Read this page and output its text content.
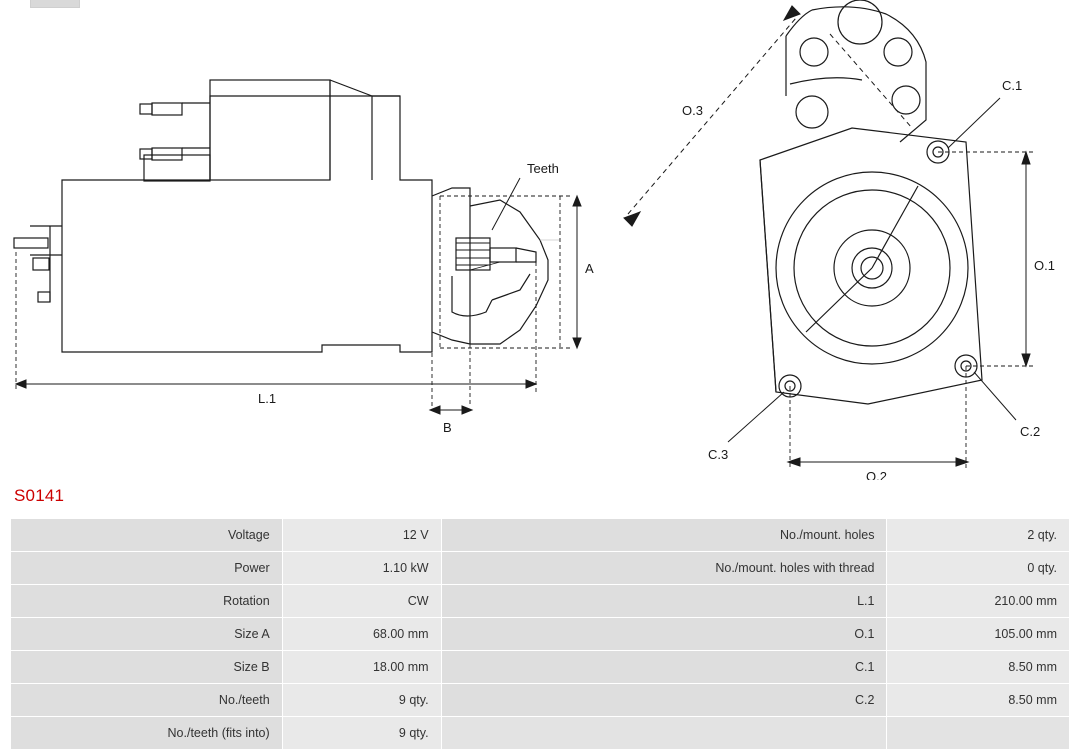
Teeth
A
L.1
B
O.3
O.1
O.2
C.1
C.2
C.3
S0141
Voltage	12 V	No./mount. holes	2 qty.
Power	1.10 kW	No./mount. holes with thread	0 qty.
Rotation	CW	L.1	210.00 mm
Size A	68.00 mm	O.1	105.00 mm
Size B	18.00 mm	C.1	8.50 mm
No./teeth	9 qty.	C.2	8.50 mm
No./teeth (fits into)	9 qty.		
